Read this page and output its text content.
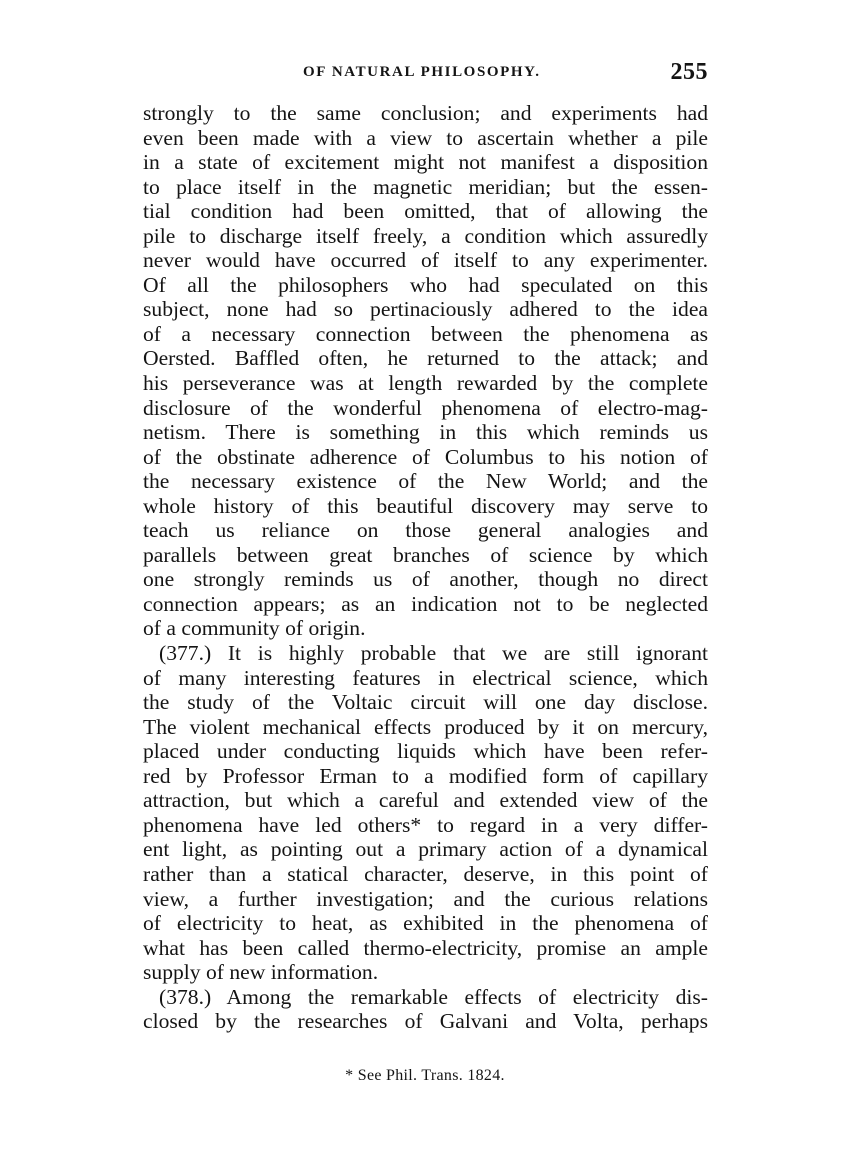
OF NATURAL PHILOSOPHY.	255
strongly to the same conclusion; and experiments had
even been made with a view to ascertain whether a pile
in a state of excitement might not manifest a disposition
to place itself in the magnetic meridian; but the essen-
tial condition had been omitted, that of allowing the
pile to discharge itself freely, a condition which assuredly
never would have occurred of itself to any experimenter.
Of all the philosophers who had speculated on this
subject, none had so pertinaciously adhered to the idea
of a necessary connection between the phenomena as
Oersted. Baffled often, he returned to the attack; and
his perseverance was at length rewarded by the complete
disclosure of the wonderful phenomena of electro-mag-
netism. There is something in this which reminds us
of the obstinate adherence of Columbus to his notion of
the necessary existence of the New World; and the
whole history of this beautiful discovery may serve to
teach us reliance on those general analogies and
parallels between great branches of science by which
one strongly reminds us of another, though no direct
connection appears; as an indication not to be neglected
of a community of origin.
(377.) It is highly probable that we are still ignorant
of many interesting features in electrical science, which
the study of the Voltaic circuit will one day disclose.
The violent mechanical effects produced by it on mercury,
placed under conducting liquids which have been refer-
red by Professor Erman to a modified form of capillary
attraction, but which a careful and extended view of the
phenomena have led others* to regard in a very differ-
ent light, as pointing out a primary action of a dynamical
rather than a statical character, deserve, in this point of
view, a further investigation; and the curious relations
of electricity to heat, as exhibited in the phenomena of
what has been called thermo-electricity, promise an ample
supply of new information.
(378.) Among the remarkable effects of electricity dis-
closed by the researches of Galvani and Volta, perhaps
* See Phil. Trans. 1824.
